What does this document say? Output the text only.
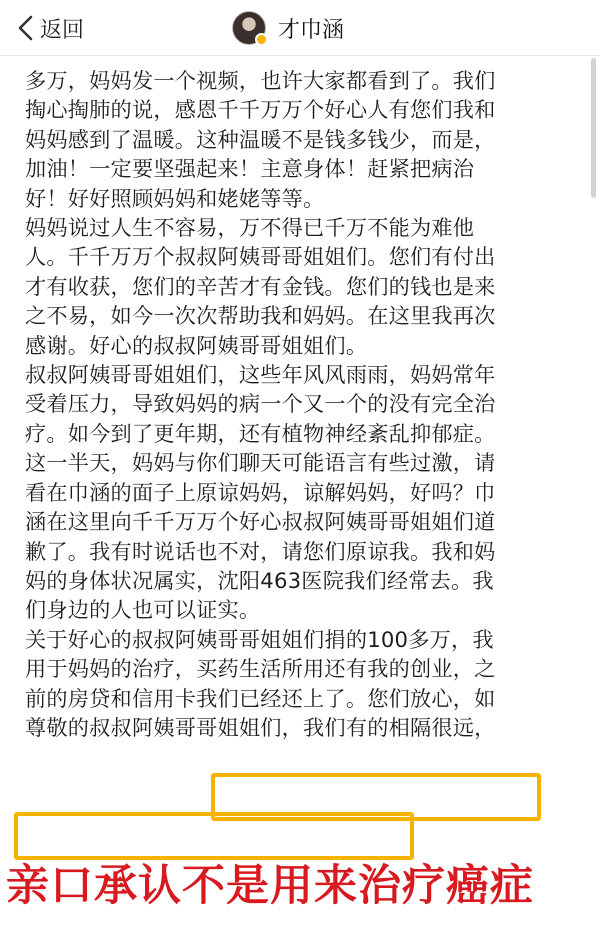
返回	才巾涵

多万，妈妈发一个视频，也许大家都看到了。我们
掏心掏肺的说，感恩千千万万个好心人有您们我和
妈妈感到了温暖。这种温暖不是钱多钱少，而是，
加油！一定要坚强起来！主意身体！赶紧把病治
好！好好照顾妈妈和姥姥等等。

妈妈说过人生不容易，万不得已千万不能为难他
人。千千万万个叔叔阿姨哥哥姐姐们。您们有付出
才有收获，您们的辛苦才有金钱。您们的钱也是来
之不易，如今一次次帮助我和妈妈。在这里我再次
感谢。好心的叔叔阿姨哥哥姐姐们。

叔叔阿姨哥哥姐姐们，这些年风风雨雨，妈妈常年
受着压力，导致妈妈的病一个又一个的没有完全治
疗。如今到了更年期，还有植物神经紊乱抑郁症。
这一半天，妈妈与你们聊天可能语言有些过激，请
看在巾涵的面子上原谅妈妈，谅解妈妈，好吗？巾
涵在这里向千千万万个好心叔叔阿姨哥哥姐姐们道
歉了。我有时说话也不对，请您们原谅我。我和妈
妈的身体状况属实，沈阳463医院我们经常去。我
们身边的人也可以证实。

关于好心的叔叔阿姨哥哥姐姐们捐的100多万，我
用于妈妈的治疗，买药生活所用还有我的创业，之
前的房贷和信用卡我们已经还上了。您们放心，如
尊敬的叔叔阿姨哥哥姐姐们，我们有的相隔很远，

亲口承认不是用来治疗癌症
